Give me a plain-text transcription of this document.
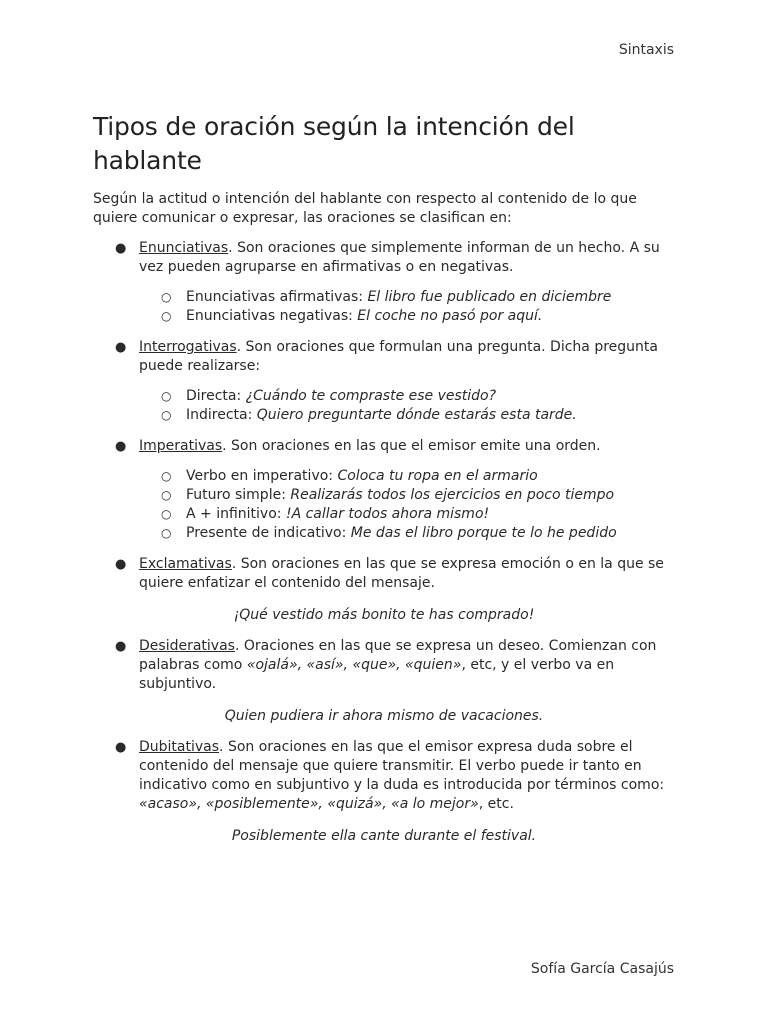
Sintaxis
Tipos de oración según la intención del hablante

Según la actitud o intención del hablante con respecto al contenido de lo que quiere comunicar o expresar, las oraciones se clasifican en:

● Enunciativas. Son oraciones que simplemente informan de un hecho. A su vez pueden agruparse en afirmativas o en negativas.
○ Enunciativas afirmativas: El libro fue publicado en diciembre
○ Enunciativas negativas: El coche no pasó por aquí.
● Interrogativas. Son oraciones que formulan una pregunta. Dicha pregunta puede realizarse:
○ Directa: ¿Cuándo te compraste ese vestido?
○ Indirecta: Quiero preguntarte dónde estarás esta tarde.
● Imperativas. Son oraciones en las que el emisor emite una orden.
○ Verbo en imperativo: Coloca tu ropa en el armario
○ Futuro simple: Realizarás todos los ejercicios en poco tiempo
○ A + infinitivo: !A callar todos ahora mismo!
○ Presente de indicativo: Me das el libro porque te lo he pedido
● Exclamativas. Son oraciones en las que se expresa emoción o en la que se quiere enfatizar el contenido del mensaje.
¡Qué vestido más bonito te has comprado!
● Desiderativas. Oraciones en las que se expresa un deseo. Comienzan con palabras como «ojalá», «así», «que», «quien», etc, y el verbo va en subjuntivo.
Quien pudiera ir ahora mismo de vacaciones.
● Dubitativas. Son oraciones en las que el emisor expresa duda sobre el contenido del mensaje que quiere transmitir. El verbo puede ir tanto en indicativo como en subjuntivo y la duda es introducida por términos como: «acaso», «posiblemente», «quizá», «a lo mejor», etc.
Posiblemente ella cante durante el festival.
Sofía García Casajús
